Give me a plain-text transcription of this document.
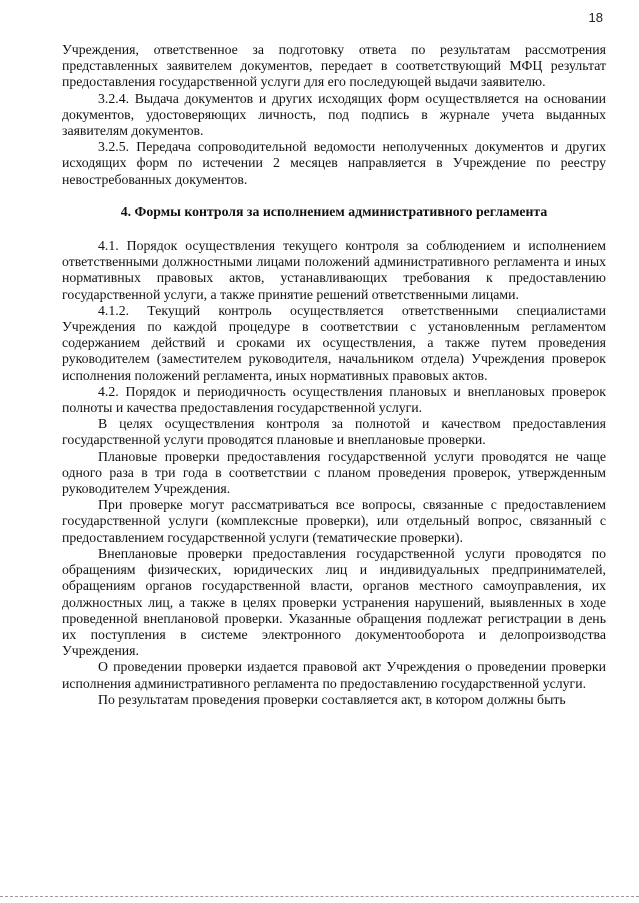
18

Учреждения, ответственное за подготовку ответа по результатам рассмотрения представленных заявителем документов, передает в соответствующий МФЦ результат предоставления государственной услуги для его последующей выдачи заявителю.

3.2.4. Выдача документов и других исходящих форм осуществляется на основании документов, удостоверяющих личность, под подпись в журнале учета выданных заявителям документов.

3.2.5. Передача сопроводительной ведомости неполученных документов и других исходящих форм по истечении 2 месяцев направляется в Учреждение по реестру невостребованных документов.

4. Формы контроля за исполнением административного регламента

4.1. Порядок осуществления текущего контроля за соблюдением и исполнением ответственными должностными лицами положений административного регламента и иных нормативных правовых актов, устанавливающих требования к предоставлению государственной услуги, а также принятие решений ответственными лицами.

4.1.2. Текущий контроль осуществляется ответственными специалистами Учреждения по каждой процедуре в соответствии с установленным регламентом содержанием действий и сроками их осуществления, а также путем проведения руководителем (заместителем руководителя, начальником отдела) Учреждения проверок исполнения положений регламента, иных нормативных правовых актов.

4.2. Порядок и периодичность осуществления плановых и внеплановых проверок полноты и качества предоставления государственной услуги.

В целях осуществления контроля за полнотой и качеством предоставления государственной услуги проводятся плановые и внеплановые проверки.

Плановые проверки предоставления государственной услуги проводятся не чаще одного раза в три года в соответствии с планом проведения проверок, утвержденным руководителем Учреждения.

При проверке могут рассматриваться все вопросы, связанные с предоставлением государственной услуги (комплексные проверки), или отдельный вопрос, связанный с предоставлением государственной услуги (тематические проверки).

Внеплановые проверки предоставления государственной услуги проводятся по обращениям физических, юридических лиц и индивидуальных предпринимателей, обращениям органов государственной власти, органов местного самоуправления, их должностных лиц, а также в целях проверки устранения нарушений, выявленных в ходе проведенной внеплановой проверки. Указанные обращения подлежат регистрации в день их поступления в системе электронного документооборота и делопроизводства Учреждения.

О проведении проверки издается правовой акт Учреждения о проведении проверки исполнения административного регламента по предоставлению государственной услуги.

По результатам проведения проверки составляется акт, в котором должны быть
